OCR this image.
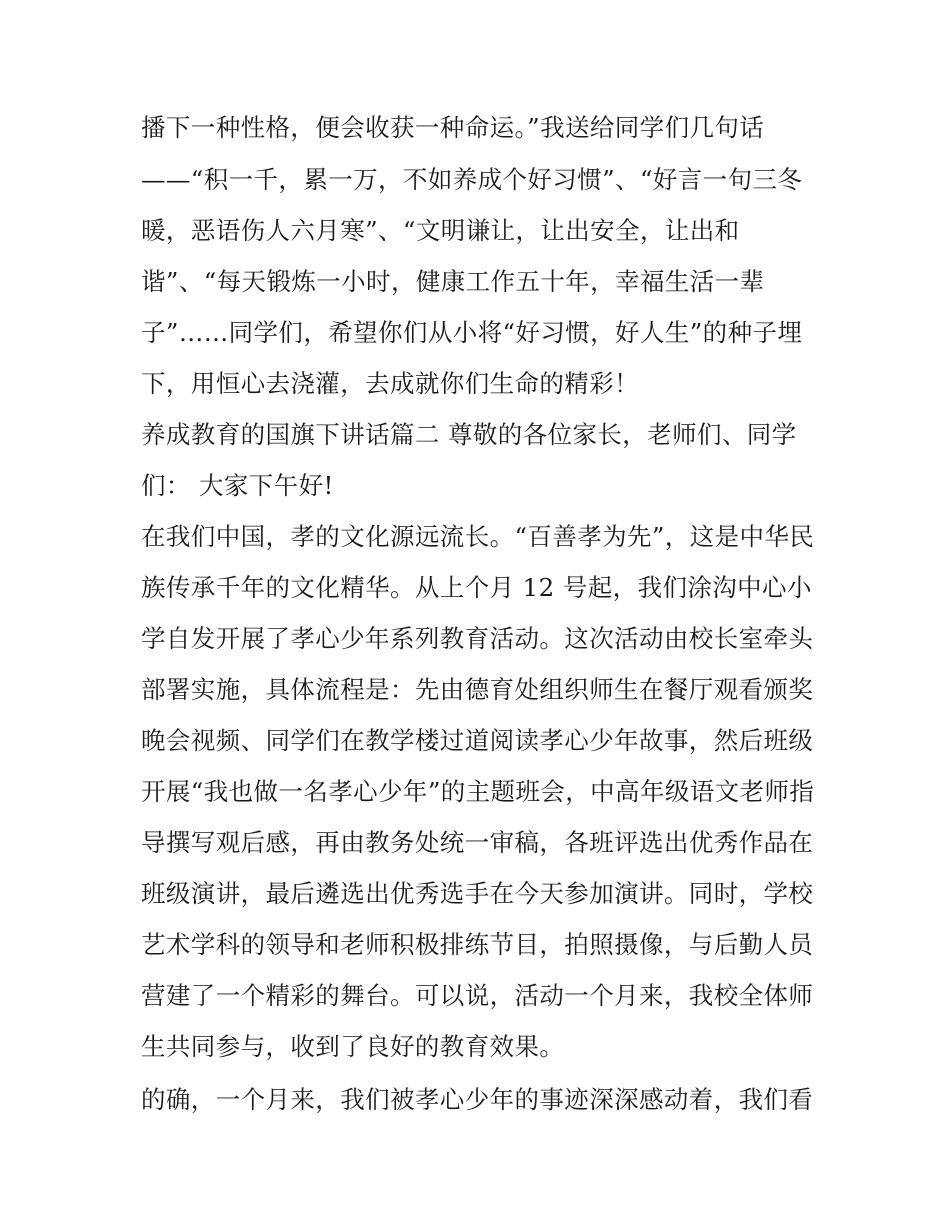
播下一种性格，便会收获一种命运。”我送给同学们几句话

——“积一千，累一万，不如养成个好习惯”、“好言一句三冬

暖，恶语伤人六月寒”、“文明谦让，让出安全，让出和

谐”、“每天锻炼一小时，健康工作五十年，幸福生活一辈

子”……同学们，希望你们从小将“好习惯，好人生”的种子埋

下，用恒心去浇灌，去成就你们生命的精彩！

养成教育的国旗下讲话篇二 尊敬的各位家长，老师们、同学

们： 大家下午好!

在我们中国，孝的文化源远流长。“百善孝为先”，这是中华民

族传承千年的文化精华。从上个月 12 号起，我们涂沟中心小

学自发开展了孝心少年系列教育活动。这次活动由校长室牵头

部署实施，具体流程是：先由德育处组织师生在餐厅观看颁奖

晚会视频、同学们在教学楼过道阅读孝心少年故事，然后班级

开展“我也做一名孝心少年”的主题班会，中高年级语文老师指

导撰写观后感，再由教务处统一审稿，各班评选出优秀作品在

班级演讲，最后遴选出优秀选手在今天参加演讲。同时，学校

艺术学科的领导和老师积极排练节目，拍照摄像，与后勤人员

营建了一个精彩的舞台。可以说，活动一个月来，我校全体师

生共同参与，收到了良好的教育效果。

的确，一个月来，我们被孝心少年的事迹深深感动着，我们看
